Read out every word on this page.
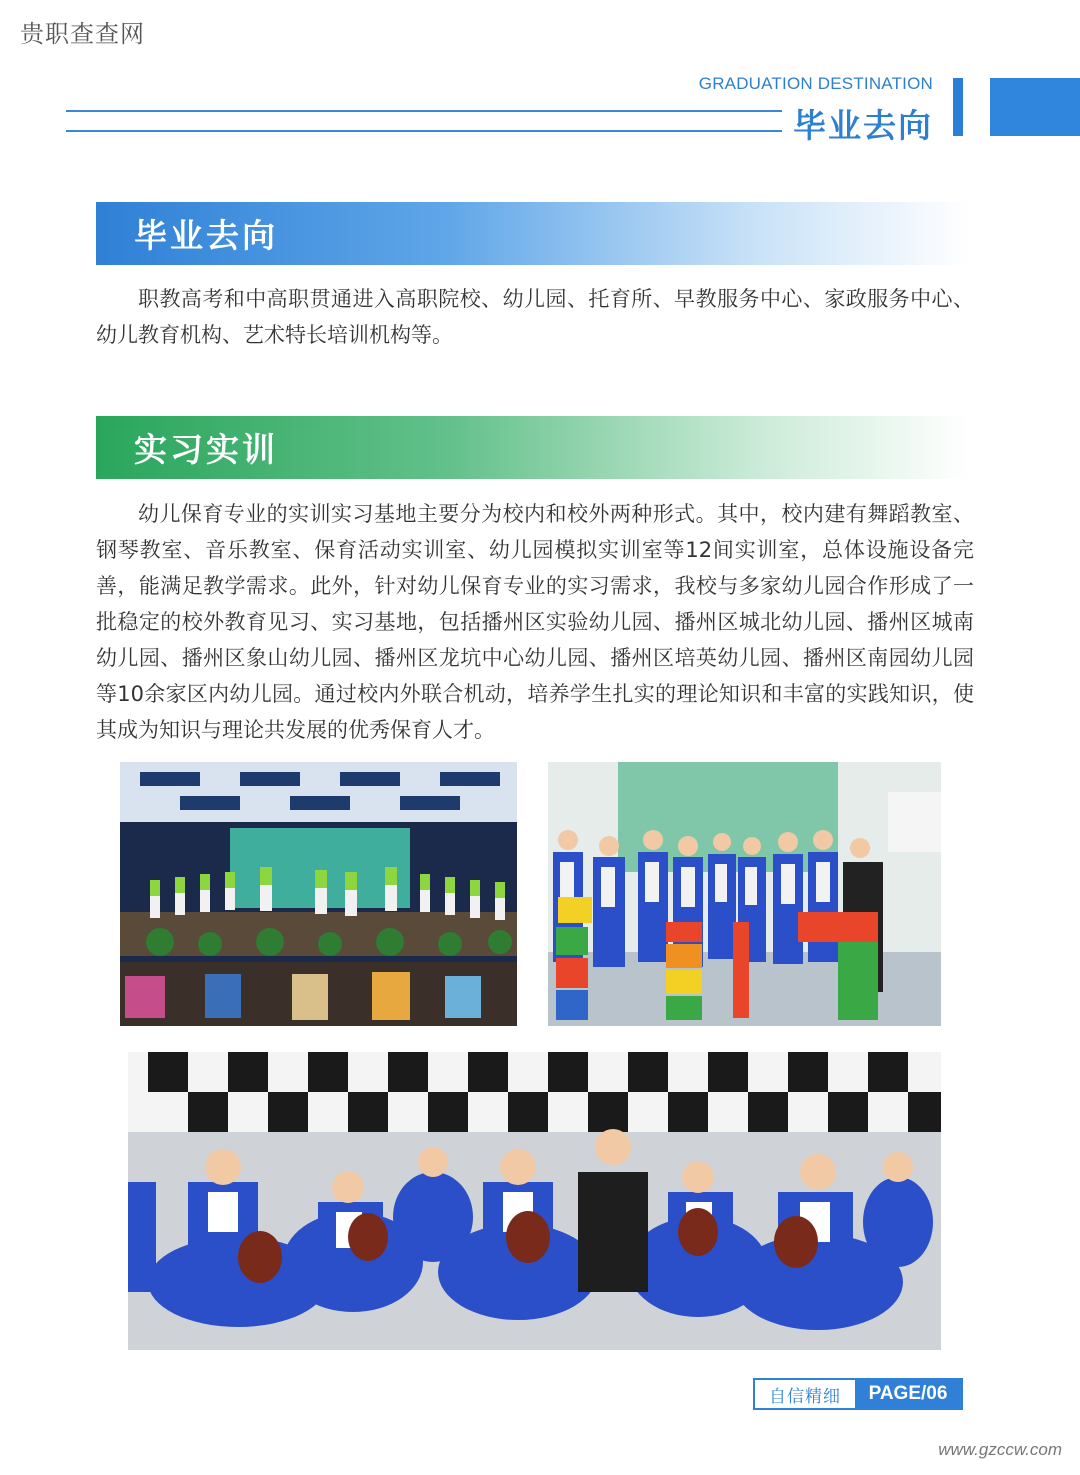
贵职查查网
GRADUATION DESTINATION
毕业去向
毕业去向
职教高考和中高职贯通进入高职院校、幼儿园、托育所、早教服务中心、家政服务中心、幼儿教育机构、艺术特长培训机构等。
实习实训
幼儿保育专业的实训实习基地主要分为校内和校外两种形式。其中，校内建有舞蹈教室、钢琴教室、音乐教室、保育活动实训室、幼儿园模拟实训室等12间实训室，总体设施设备完善，能满足教学需求。此外，针对幼儿保育专业的实习需求，我校与多家幼儿园合作形成了一批稳定的校外教育见习、实习基地，包括播州区实验幼儿园、播州区城北幼儿园、播州区城南幼儿园、播州区象山幼儿园、播州区龙坑中心幼儿园、播州区培英幼儿园、播州区南园幼儿园等10余家区内幼儿园。通过校内外联合机动，培养学生扎实的理论知识和丰富的实践知识，使其成为知识与理论共发展的优秀保育人才。
自信精细	PAGE/06
www.gzccw.com
